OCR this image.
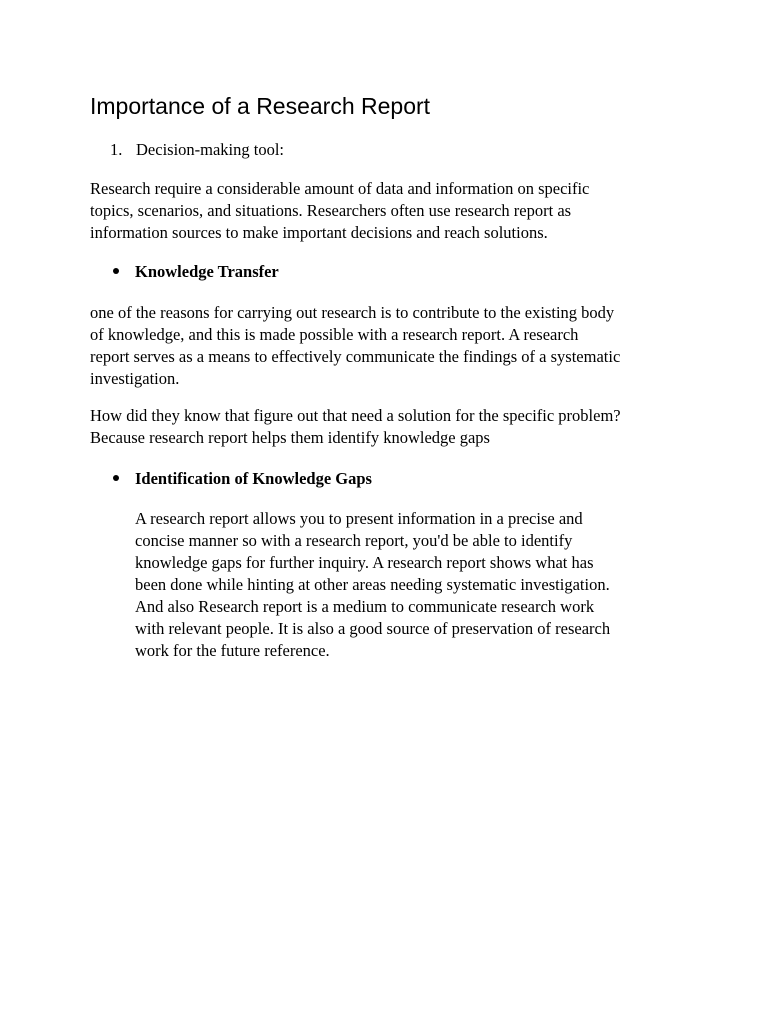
Importance of a Research Report
1. Decision-making tool:

Research require a considerable amount of data and information on specific
topics, scenarios, and situations. Researchers often use research report as
information sources to make important decisions and reach solutions.

Knowledge Transfer

one of the reasons for carrying out research is to contribute to the existing body
of knowledge, and this is made possible with a research report. A research
report serves as a means to effectively communicate the findings of a systematic
investigation.

How did they know that figure out that need a solution for the specific problem?
Because research report helps them identify knowledge gaps

Identification of Knowledge Gaps

A research report allows you to present information in a precise and
concise manner so with a research report, you'd be able to identify
knowledge gaps for further inquiry. A research report shows what has
been done while hinting at other areas needing systematic investigation.
And also Research report is a medium to communicate research work
with relevant people. It is also a good source of preservation of research
work for the future reference.
